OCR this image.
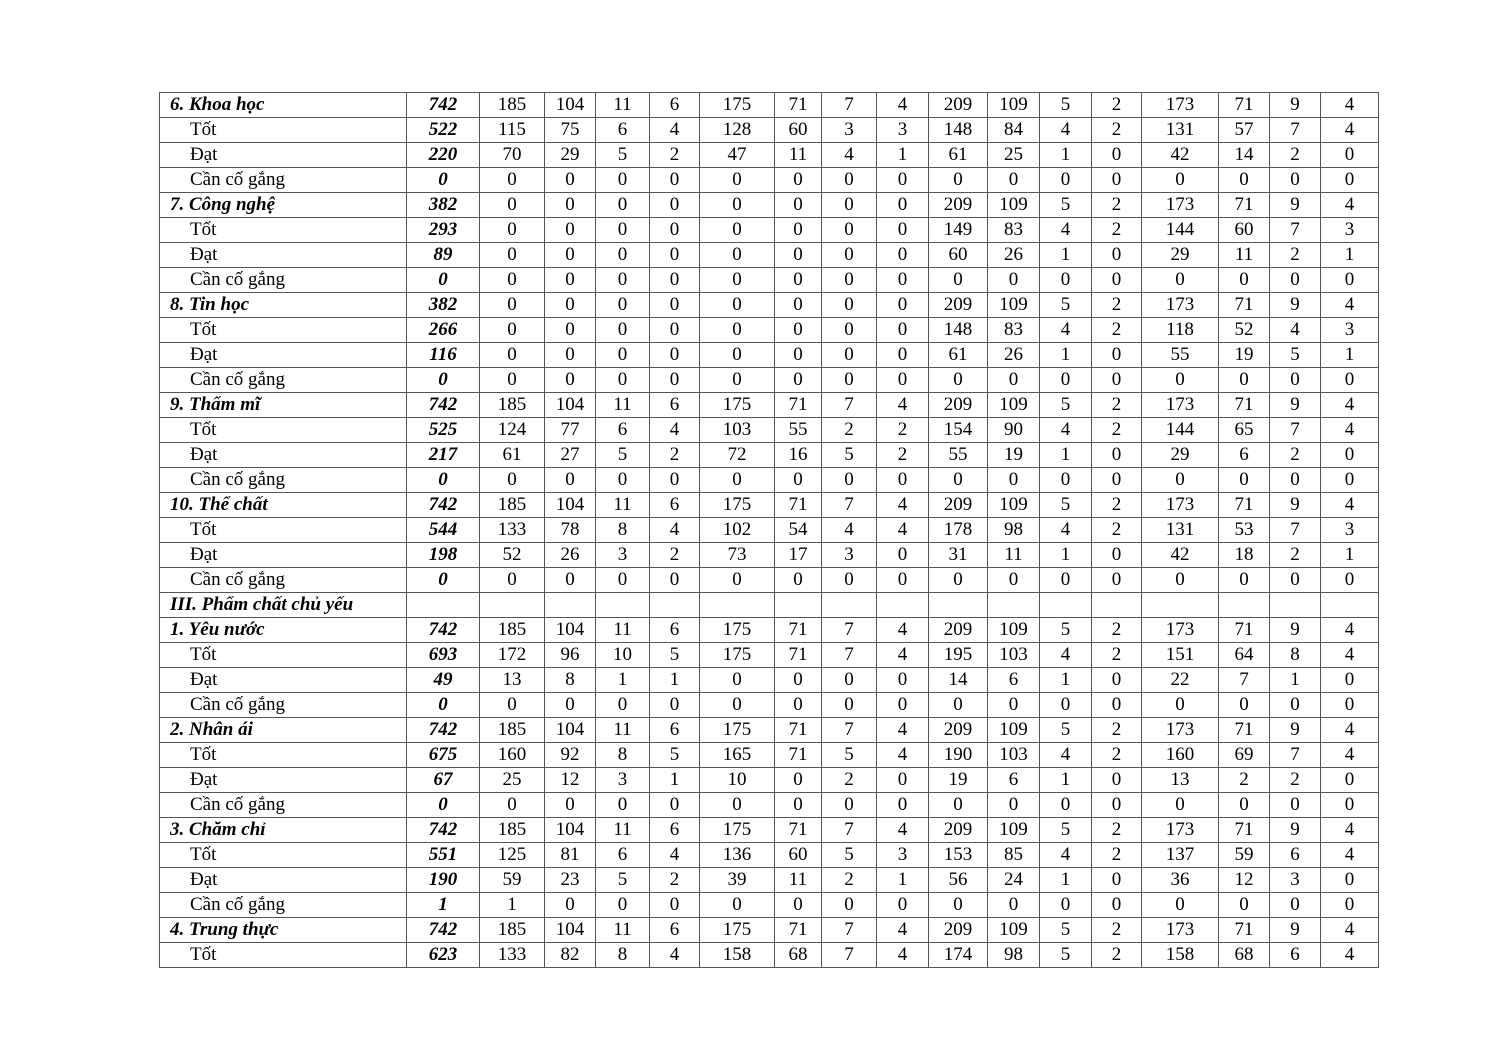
6. Khoa học	742	185	104	11	6	175	71	7	4	209	109	5	2	173	71	9	4
Tốt	522	115	75	6	4	128	60	3	3	148	84	4	2	131	57	7	4
Đạt	220	70	29	5	2	47	11	4	1	61	25	1	0	42	14	2	0
Cần cố gắng	0	0	0	0	0	0	0	0	0	0	0	0	0	0	0	0	0
7. Công nghệ	382	0	0	0	0	0	0	0	0	209	109	5	2	173	71	9	4
Tốt	293	0	0	0	0	0	0	0	0	149	83	4	2	144	60	7	3
Đạt	89	0	0	0	0	0	0	0	0	60	26	1	0	29	11	2	1
Cần cố gắng	0	0	0	0	0	0	0	0	0	0	0	0	0	0	0	0	0
8. Tin học	382	0	0	0	0	0	0	0	0	209	109	5	2	173	71	9	4
Tốt	266	0	0	0	0	0	0	0	0	148	83	4	2	118	52	4	3
Đạt	116	0	0	0	0	0	0	0	0	61	26	1	0	55	19	5	1
Cần cố gắng	0	0	0	0	0	0	0	0	0	0	0	0	0	0	0	0	0
9. Thẩm mĩ	742	185	104	11	6	175	71	7	4	209	109	5	2	173	71	9	4
Tốt	525	124	77	6	4	103	55	2	2	154	90	4	2	144	65	7	4
Đạt	217	61	27	5	2	72	16	5	2	55	19	1	0	29	6	2	0
Cần cố gắng	0	0	0	0	0	0	0	0	0	0	0	0	0	0	0	0	0
10. Thể chất	742	185	104	11	6	175	71	7	4	209	109	5	2	173	71	9	4
Tốt	544	133	78	8	4	102	54	4	4	178	98	4	2	131	53	7	3
Đạt	198	52	26	3	2	73	17	3	0	31	11	1	0	42	18	2	1
Cần cố gắng	0	0	0	0	0	0	0	0	0	0	0	0	0	0	0	0	0
III. Phẩm chất chủ yếu																	
1. Yêu nước	742	185	104	11	6	175	71	7	4	209	109	5	2	173	71	9	4
Tốt	693	172	96	10	5	175	71	7	4	195	103	4	2	151	64	8	4
Đạt	49	13	8	1	1	0	0	0	0	14	6	1	0	22	7	1	0
Cần cố gắng	0	0	0	0	0	0	0	0	0	0	0	0	0	0	0	0	0
2. Nhân ái	742	185	104	11	6	175	71	7	4	209	109	5	2	173	71	9	4
Tốt	675	160	92	8	5	165	71	5	4	190	103	4	2	160	69	7	4
Đạt	67	25	12	3	1	10	0	2	0	19	6	1	0	13	2	2	0
Cần cố gắng	0	0	0	0	0	0	0	0	0	0	0	0	0	0	0	0	0
3. Chăm chỉ	742	185	104	11	6	175	71	7	4	209	109	5	2	173	71	9	4
Tốt	551	125	81	6	4	136	60	5	3	153	85	4	2	137	59	6	4
Đạt	190	59	23	5	2	39	11	2	1	56	24	1	0	36	12	3	0
Cần cố gắng	1	1	0	0	0	0	0	0	0	0	0	0	0	0	0	0	0
4. Trung thực	742	185	104	11	6	175	71	7	4	209	109	5	2	173	71	9	4
Tốt	623	133	82	8	4	158	68	7	4	174	98	5	2	158	68	6	4
